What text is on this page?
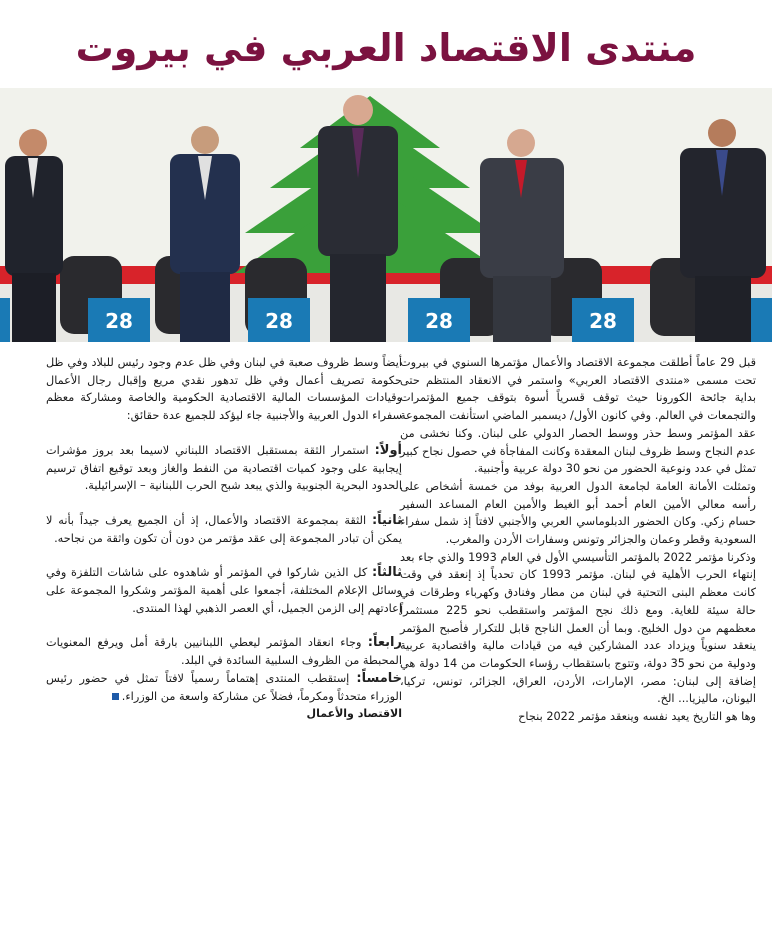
منتدى الاقتصاد العربي في بيروت
28	28	28	28

قبل 29 عاماً أطلقت مجموعة الاقتصاد والأعمال مؤتمرها السنوي في بيروت تحت مسمى «منتدى الاقتصاد العربي» واستمر في الانعقاد المنتظم حتى بداية جائحة الكورونا حيث توقف قسرياً أسوة بتوقف جميع المؤتمرات والتجمعات في العالم. وفي كانون الأول/ ديسمبر الماضي استأنفت المجموعة عقد المؤتمر وسط حذر ووسط الحصار الدولي على لبنان. وكنا نخشى من عدم النجاح وسط ظروف لبنان المعقدة وكانت المفاجأة في حصول نجاح كبير تمثل في عدد ونوعية الحضور من نحو 30 دولة عربية وأجنبية.

وتمثلت الأمانة العامة لجامعة الدول العربية بوفد من خمسة أشخاص على رأسه معالي الأمين العام أحمد أبو الغيط والأمين العام المساعد السفير حسام زكي. وكان الحضور الدبلوماسي العربي والأجنبي لافتاً إذ شمل سفراء السعودية وقطر وعمان والجزائر وتونس وسفارات الأردن والمغرب.

وذكرنا مؤتمر 2022 بالمؤتمر التأسيسي الأول في العام 1993 والذي جاء بعد إنتهاء الحرب الأهلية في لبنان. مؤتمر 1993 كان تحدياً إذ إنعقد في وقت كانت معظم البنى التحتية في لبنان من مطار وفنادق وكهرباء وطرقات في حالة سيئة للغاية. ومع ذلك نجح المؤتمر واستقطب نحو 225 مستثمراً معظمهم من دول الخليج. وبما أن العمل الناجح قابل للتكرار فأصبح المؤتمر ينعقد سنوياً ويزداد عدد المشاركين فيه من قيادات مالية واقتصادية عربية ودولية من نحو 35 دولة، وتتوج باستقطاب رؤساء الحكومات من 14 دولة هي إضافة إلى لبنان: مصر، الإمارات، الأردن، العراق، الجزائر، تونس، تركيا، اليونان، ماليزيا... الخ.

وها هو التاريخ يعيد نفسه وينعقد مؤتمر 2022 بنجاح

أيضاً وسط ظروف صعبة في لبنان وفي ظل عدم وجود رئيس للبلاد وفي ظل حكومة تصريف أعمال وفي ظل تدهور نقدي مريع وإقبال رجال الأعمال وقيادات المؤسسات المالية الاقتصادية الحكومية والخاصة ومشاركة معظم سفراء الدول العربية والأجنبية جاء ليؤكد للجميع عدة حقائق:

أولاً: استمرار الثقة بمستقبل الاقتصاد اللبناني لاسيما بعد بروز مؤشرات إيجابية على وجود كميات اقتصادية من النفط والغاز وبعد توقيع اتفاق ترسيم الحدود البحرية الجنوبية والذي يبعد شبح الحرب اللبنانية – الإسرائيلية.

ثانياً: الثقة بمجموعة الاقتصاد والأعمال، إذ أن الجميع يعرف جيداً بأنه لا يمكن أن تبادر المجموعة إلى عقد مؤتمر من دون أن تكون واثقة من نجاحه.

ثالثاً: كل الذين شاركوا في المؤتمر أو شاهدوه على شاشات التلفزة وفي وسائل الإعلام المختلفة، أجمعوا على أهمية المؤتمر وشكروا المجموعة على إعادتهم إلى الزمن الجميل، أي العصر الذهبي لهذا المنتدى.

رابعاً: وجاء انعقاد المؤتمر ليعطي اللبنانيين بارقة أمل ويرفع المعنويات المحبطة من الظروف السلبية السائدة في البلد.

خامساً: إستقطب المنتدى إهتماماً رسمياً لافتاً تمثل في حضور رئيس الوزراء متحدثاً ومكرماً، فضلاً عن مشاركة واسعة من الوزراء.

الاقتصاد والأعمال
